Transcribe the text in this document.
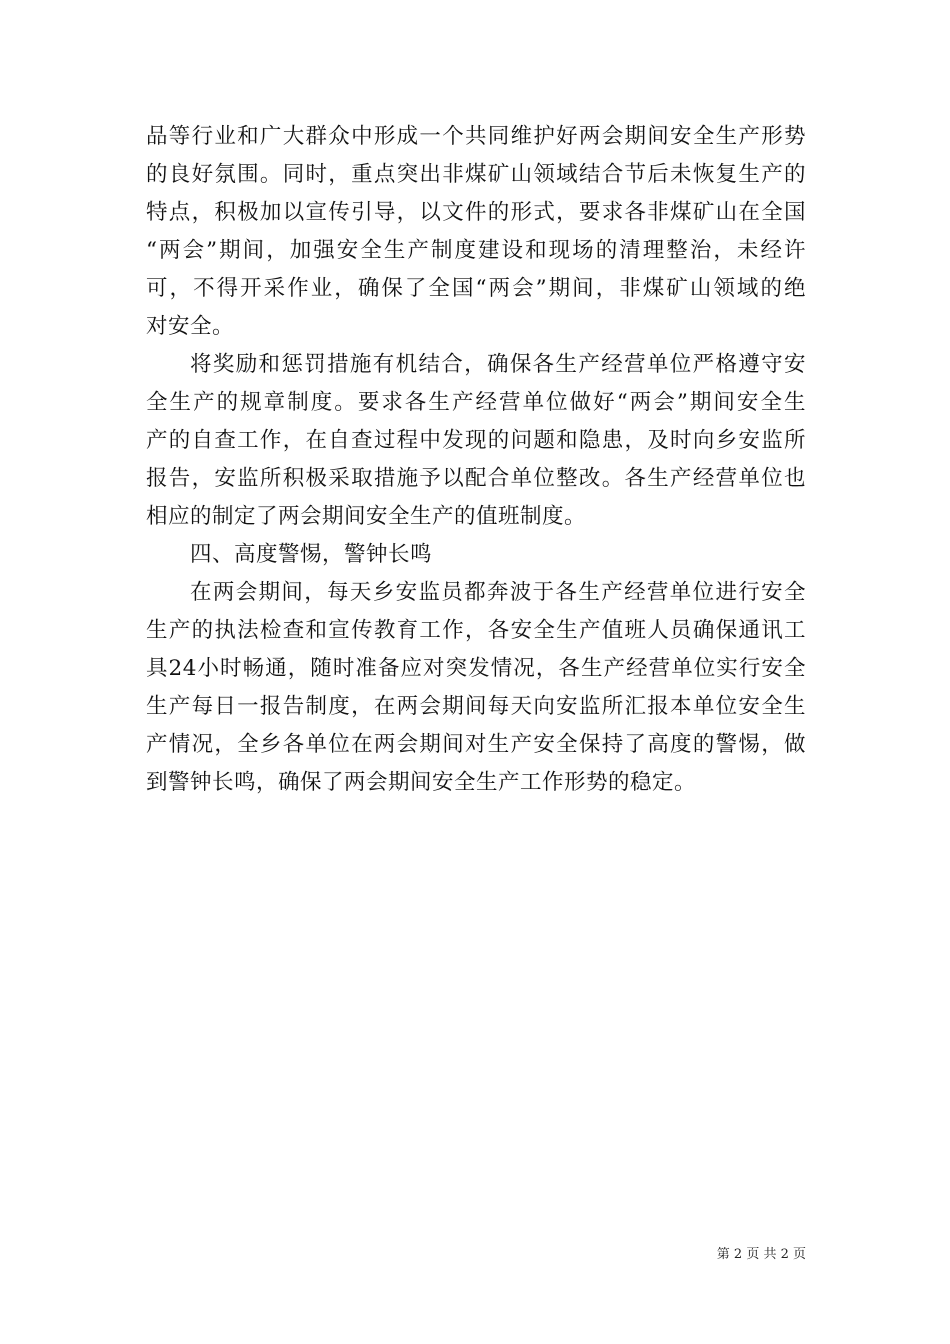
品等行业和广大群众中形成一个共同维护好两会期间安全生产形势
的良好氛围。同时，重点突出非煤矿山领域结合节后未恢复生产的
特点，积极加以宣传引导，以文件的形式，要求各非煤矿山在全国
“两会”期间，加强安全生产制度建设和现场的清理整治，未经许
可，不得开采作业，确保了全国“两会”期间，非煤矿山领域的绝
对安全。
将奖励和惩罚措施有机结合，确保各生产经营单位严格遵守安
全生产的规章制度。要求各生产经营单位做好“两会”期间安全生
产的自查工作，在自查过程中发现的问题和隐患，及时向乡安监所
报告，安监所积极采取措施予以配合单位整改。各生产经营单位也
相应的制定了两会期间安全生产的值班制度。
四、高度警惕，警钟长鸣
在两会期间，每天乡安监员都奔波于各生产经营单位进行安全
生产的执法检查和宣传教育工作，各安全生产值班人员确保通讯工
具24小时畅通，随时准备应对突发情况，各生产经营单位实行安全
生产每日一报告制度，在两会期间每天向安监所汇报本单位安全生
产情况，全乡各单位在两会期间对生产安全保持了高度的警惕，做
到警钟长鸣，确保了两会期间安全生产工作形势的稳定。
第 2 页 共 2 页
